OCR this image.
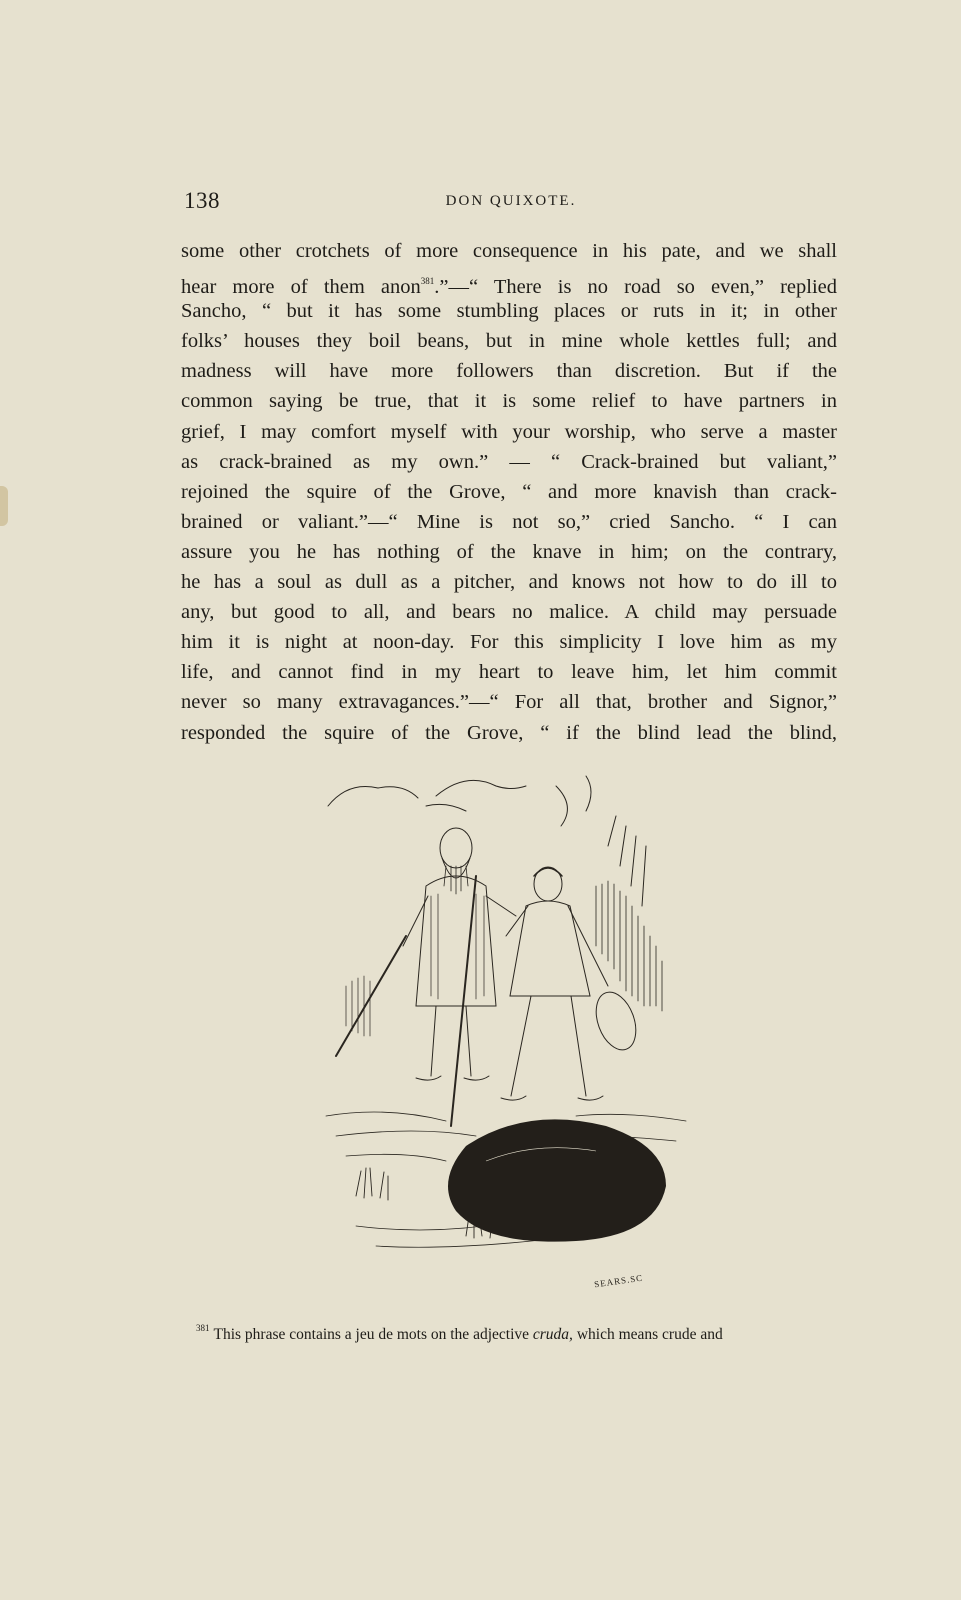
138	DON QUIXOTE.
some other crotchets of more consequence in his pate, and we shall
hear more of them anon$^{381}$.”—“ There is no road so even,” replied
Sancho, “ but it has some stumbling places or ruts in it; in other
folks’ houses they boil beans, but in mine whole kettles full; and
madness will have more followers than discretion. But if the
common saying be true, that it is some relief to have partners in
grief, I may comfort myself with your worship, who serve a master
as crack-brained as my own.” — “ Crack-brained but valiant,”
rejoined the squire of the Grove, “ and more knavish than crack-
brained or valiant.”—“ Mine is not so,” cried Sancho. “ I can
assure you he has nothing of the knave in him; on the contrary,
he has a soul as dull as a pitcher, and knows not how to do ill to
any, but good to all, and bears no malice. A child may persuade
him it is night at noon-day. For this simplicity I love him as my
life, and cannot find in my heart to leave him, let him commit
never so many extravagances.”—“ For all that, brother and Signor,”
responded the squire of the Grove, “ if the blind lead the blind,
SEARS.SC
$^{381}$ This phrase contains a jeu de mots on the adjective cruda, which means crude and
